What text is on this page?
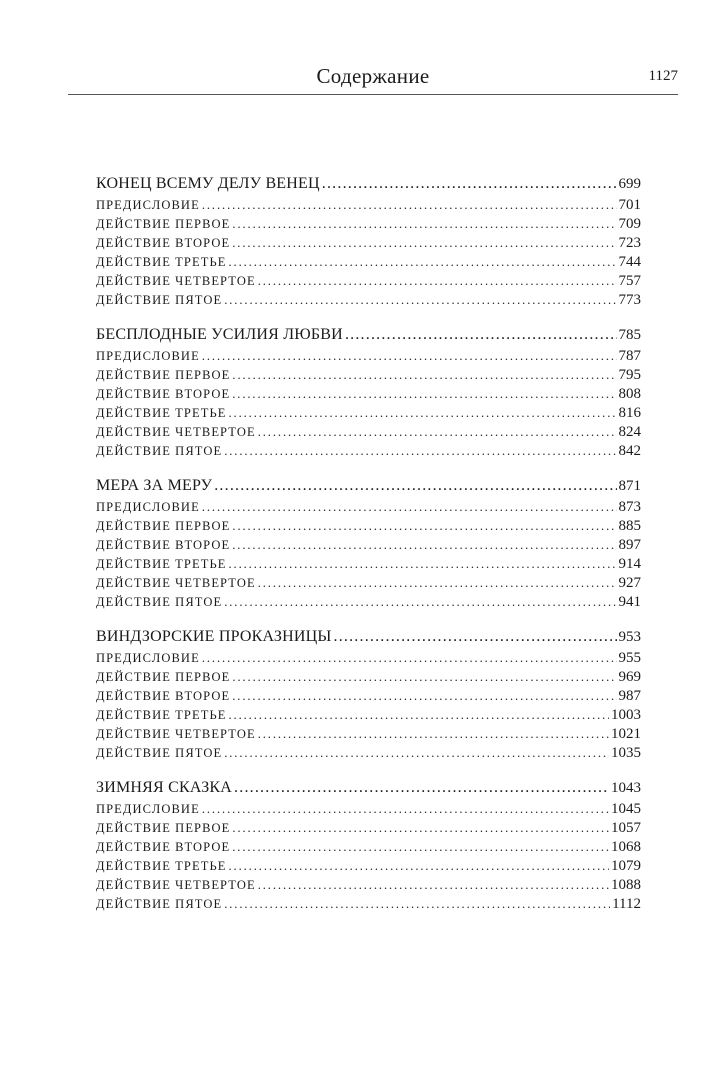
Содержание	1127
КОНЕЦ ВСЕМУ ДЕЛУ ВЕНЕЦ . . .	699
ПРЕДИСЛОВИЕ . . .	701
ДЕЙСТВИЕ ПЕРВОЕ . . .	709
ДЕЙСТВИЕ ВТОРОЕ . . .	723
ДЕЙСТВИЕ ТРЕТЬЕ . . .	744
ДЕЙСТВИЕ ЧЕТВЕРТОЕ . . .	757
ДЕЙСТВИЕ ПЯТОЕ . . .	773
БЕСПЛОДНЫЕ УСИЛИЯ ЛЮБВИ . . .	785
ПРЕДИСЛОВИЕ . . .	787
ДЕЙСТВИЕ ПЕРВОЕ . . .	795
ДЕЙСТВИЕ ВТОРОЕ . . .	808
ДЕЙСТВИЕ ТРЕТЬЕ . . .	816
ДЕЙСТВИЕ ЧЕТВЕРТОЕ . . .	824
ДЕЙСТВИЕ ПЯТОЕ . . .	842
МЕРА ЗА МЕРУ . . .	871
ПРЕДИСЛОВИЕ . . .	873
ДЕЙСТВИЕ ПЕРВОЕ . . .	885
ДЕЙСТВИЕ ВТОРОЕ . . .	897
ДЕЙСТВИЕ ТРЕТЬЕ . . .	914
ДЕЙСТВИЕ ЧЕТВЕРТОЕ . . .	927
ДЕЙСТВИЕ ПЯТОЕ . . .	941
ВИНДЗОРСКИЕ ПРОКАЗНИЦЫ . . .	953
ПРЕДИСЛОВИЕ . . .	955
ДЕЙСТВИЕ ПЕРВОЕ . . .	969
ДЕЙСТВИЕ ВТОРОЕ . . .	987
ДЕЙСТВИЕ ТРЕТЬЕ . . .	1003
ДЕЙСТВИЕ ЧЕТВЕРТОЕ . . .	1021
ДЕЙСТВИЕ ПЯТОЕ . . .	1035
ЗИМНЯЯ СКАЗКА . . .	1043
ПРЕДИСЛОВИЕ . . .	1045
ДЕЙСТВИЕ ПЕРВОЕ . . .	1057
ДЕЙСТВИЕ ВТОРОЕ . . .	1068
ДЕЙСТВИЕ ТРЕТЬЕ . . .	1079
ДЕЙСТВИЕ ЧЕТВЕРТОЕ . . .	1088
ДЕЙСТВИЕ ПЯТОЕ . . .	1112
